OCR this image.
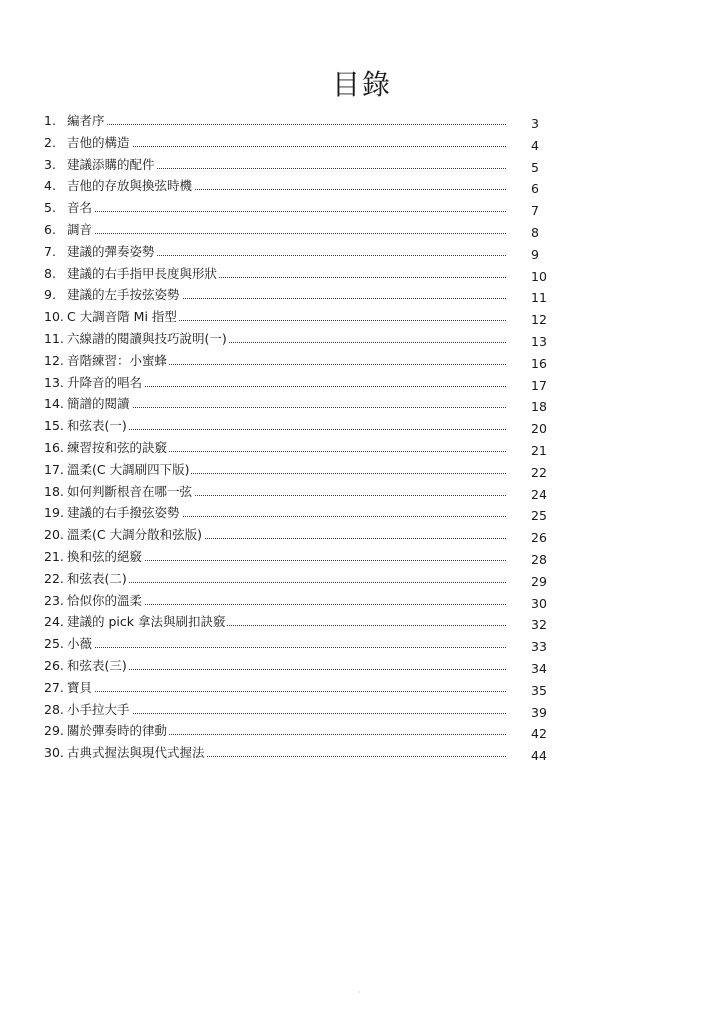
目錄
1. 編者序	3
2. 吉他的構造	4
3. 建議添購的配件	5
4. 吉他的存放與換弦時機	6
5. 音名	7
6. 調音	8
7. 建議的彈奏姿勢	9
8. 建議的右手指甲長度與形狀	10
9. 建議的左手按弦姿勢	11
10. C 大調音階 Mi 指型	12
11. 六線譜的閱讀與技巧說明(一)	13
12. 音階練習：小蜜蜂	16
13. 升降音的唱名	17
14. 簡譜的閱讀	18
15. 和弦表(一)	20
16. 練習按和弦的訣竅	21
17. 溫柔(C 大調刷四下版)	22
18. 如何判斷根音在哪一弦	24
19. 建議的右手撥弦姿勢	25
20. 溫柔(C 大調分散和弦版)	26
21. 換和弦的絕竅	28
22. 和弦表(二)	29
23. 恰似你的溫柔	30
24. 建議的 pick 拿法與刷扣訣竅	32
25. 小薇	33
26. 和弦表(三)	34
27. 寶貝	35
28. 小手拉大手	39
29. 關於彈奏時的律動	42
30. 古典式握法與現代式握法	44
·
